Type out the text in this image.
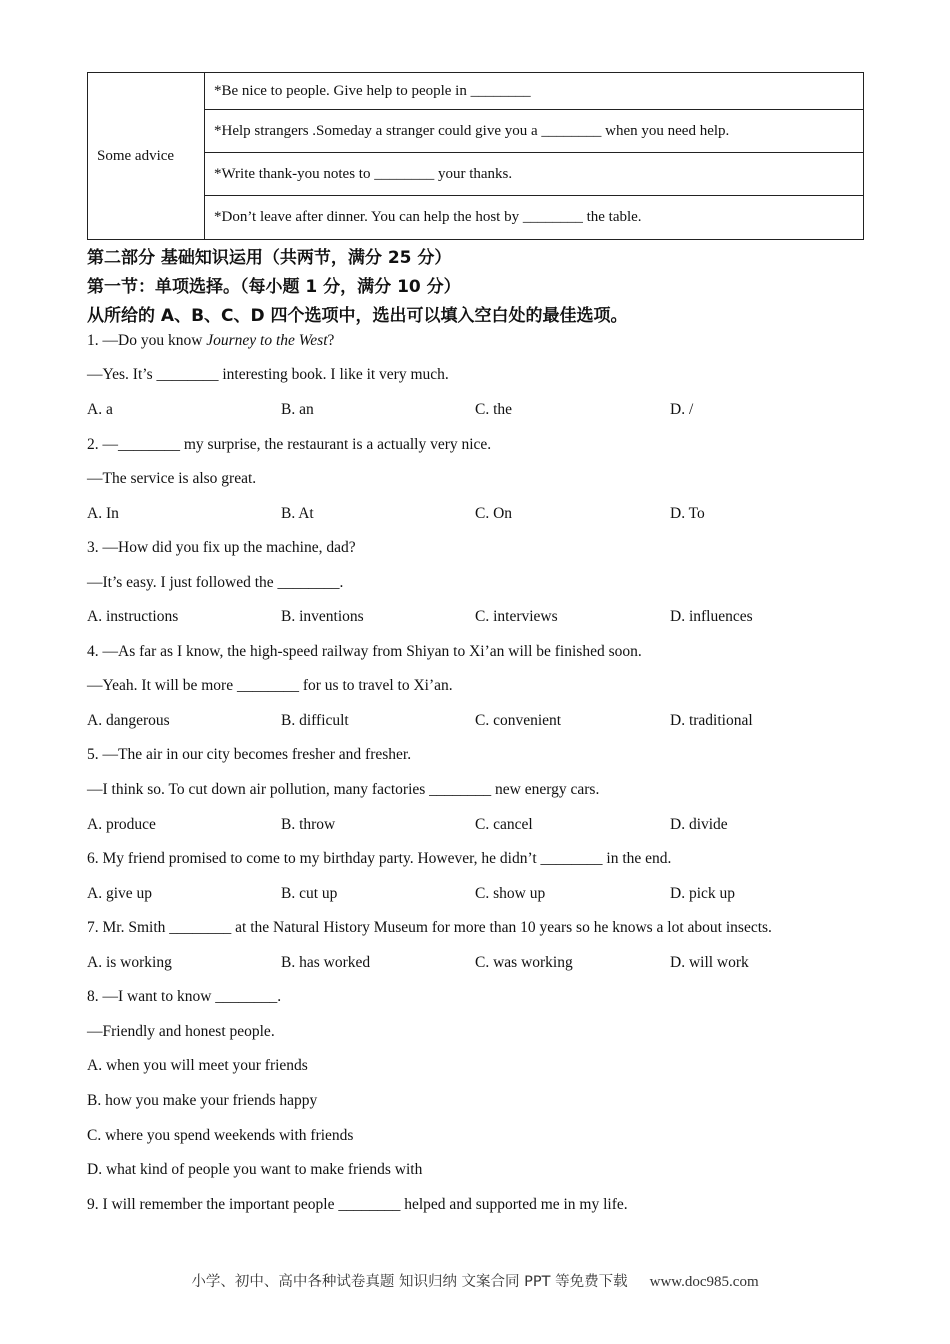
Some advice	*Be nice to people. Give help to people in ________
*Help strangers .Someday a stranger could give you a ________ when you need help.
*Write thank-you notes to ________ your thanks.
*Don’t leave after dinner. You can help the host by ________ the table.
第二部分 基础知识运用（共两节，满分 25 分）
第一节：单项选择。（每小题 1 分，满分 10 分）
从所给的 A、B、C、D 四个选项中，选出可以填入空白处的最佳选项。
1. —Do you know Journey to the West?
—Yes. It’s ________ interesting book. I like it very much.
A. a	B. an	C. the	D. /
2. —________ my surprise, the restaurant is a actually very nice.
—The service is also great.
A. In	B. At	C. On	D. To
3. —How did you fix up the machine, dad?
—It’s easy. I just followed the ________.
A. instructions	B. inventions	C. interviews	D. influences
4. —As far as I know, the high-speed railway from Shiyan to Xi’an will be finished soon.
—Yeah. It will be more ________ for us to travel to Xi’an.
A. dangerous	B. difficult	C. convenient	D. traditional
5. —The air in our city becomes fresher and fresher.
—I think so. To cut down air pollution, many factories ________ new energy cars.
A. produce	B. throw	C. cancel	D. divide
6. My friend promised to come to my birthday party. However, he didn’t ________ in the end.
A. give up	B. cut up	C. show up	D. pick up
7. Mr. Smith ________ at the Natural History Museum for more than 10 years so he knows a lot about insects.
A. is working	B. has worked	C. was working	D. will work
8. —I want to know ________.
—Friendly and honest people.
A. when you will meet your friends
B. how you make your friends happy
C. where you spend weekends with friends
D. what kind of people you want to make friends with
9. I will remember the important people ________ helped and supported me in my life.
小学、初中、高中各种试卷真题 知识归纳 文案合同 PPT 等免费下载 www.doc985.com
